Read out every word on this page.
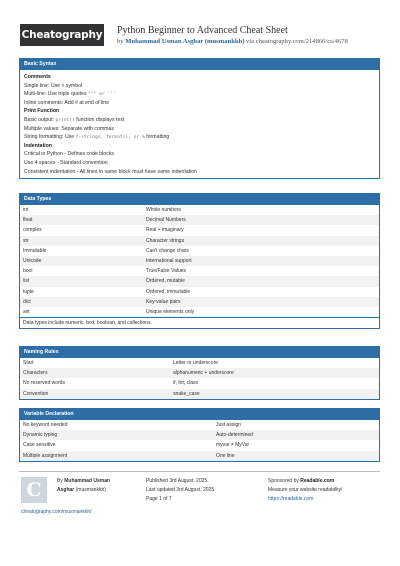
Cheatography Python Beginner to Advanced Cheat Sheet
by Muhammad Usman Asghar (musmankkh) via cheatography.com/214866/cs/4678
Basic Syntax
Comments
Single line: Use # symbol
Multi-line: Use triple quotes """ or '''
Inline comments: Add # at end of line
Print Function
Basic output: print() function displays text
Multiple values: Separate with commas
String formatting: Use f-strings, format(), or % formatting
Indentation
Critical in Python - Defines code blocks
Use 4 spaces - Standard convention
Consistent indentation - All lines in same block must have same indentation
Data Types
int	Whole numbers
float	Decimal Numbers
complex	Real + imaginary
str	Character strings
Immutable	Can't change chars
Unicode	International support
bool	True/False Values
list	Ordered, mutable
tuple	Ordered, immutable
dict	Key-value pairs
set	Unique elements only
Data types include numeric, text, boolean, and collections.
Naming Rules
Start	Letter or underscore
Characters	alphanumeric + underscore
No reserved words	if, for, class
Convention	snake_case
Variable Declaration
No keyword needed	Just assign
Dynamic typing	Auto-determined
Case sensitive	myvar ≠ MyVar
Multiple assignment	One line
C	By Muhammad Usman
Asghar (musmankkh)
Published 3rd August, 2025.
Last updated 3rd August, 2025.
Page 1 of 7
Sponsored by Readable.com
Measure your website readability!
https://readable.com
cheatography.com/musmankkh/
